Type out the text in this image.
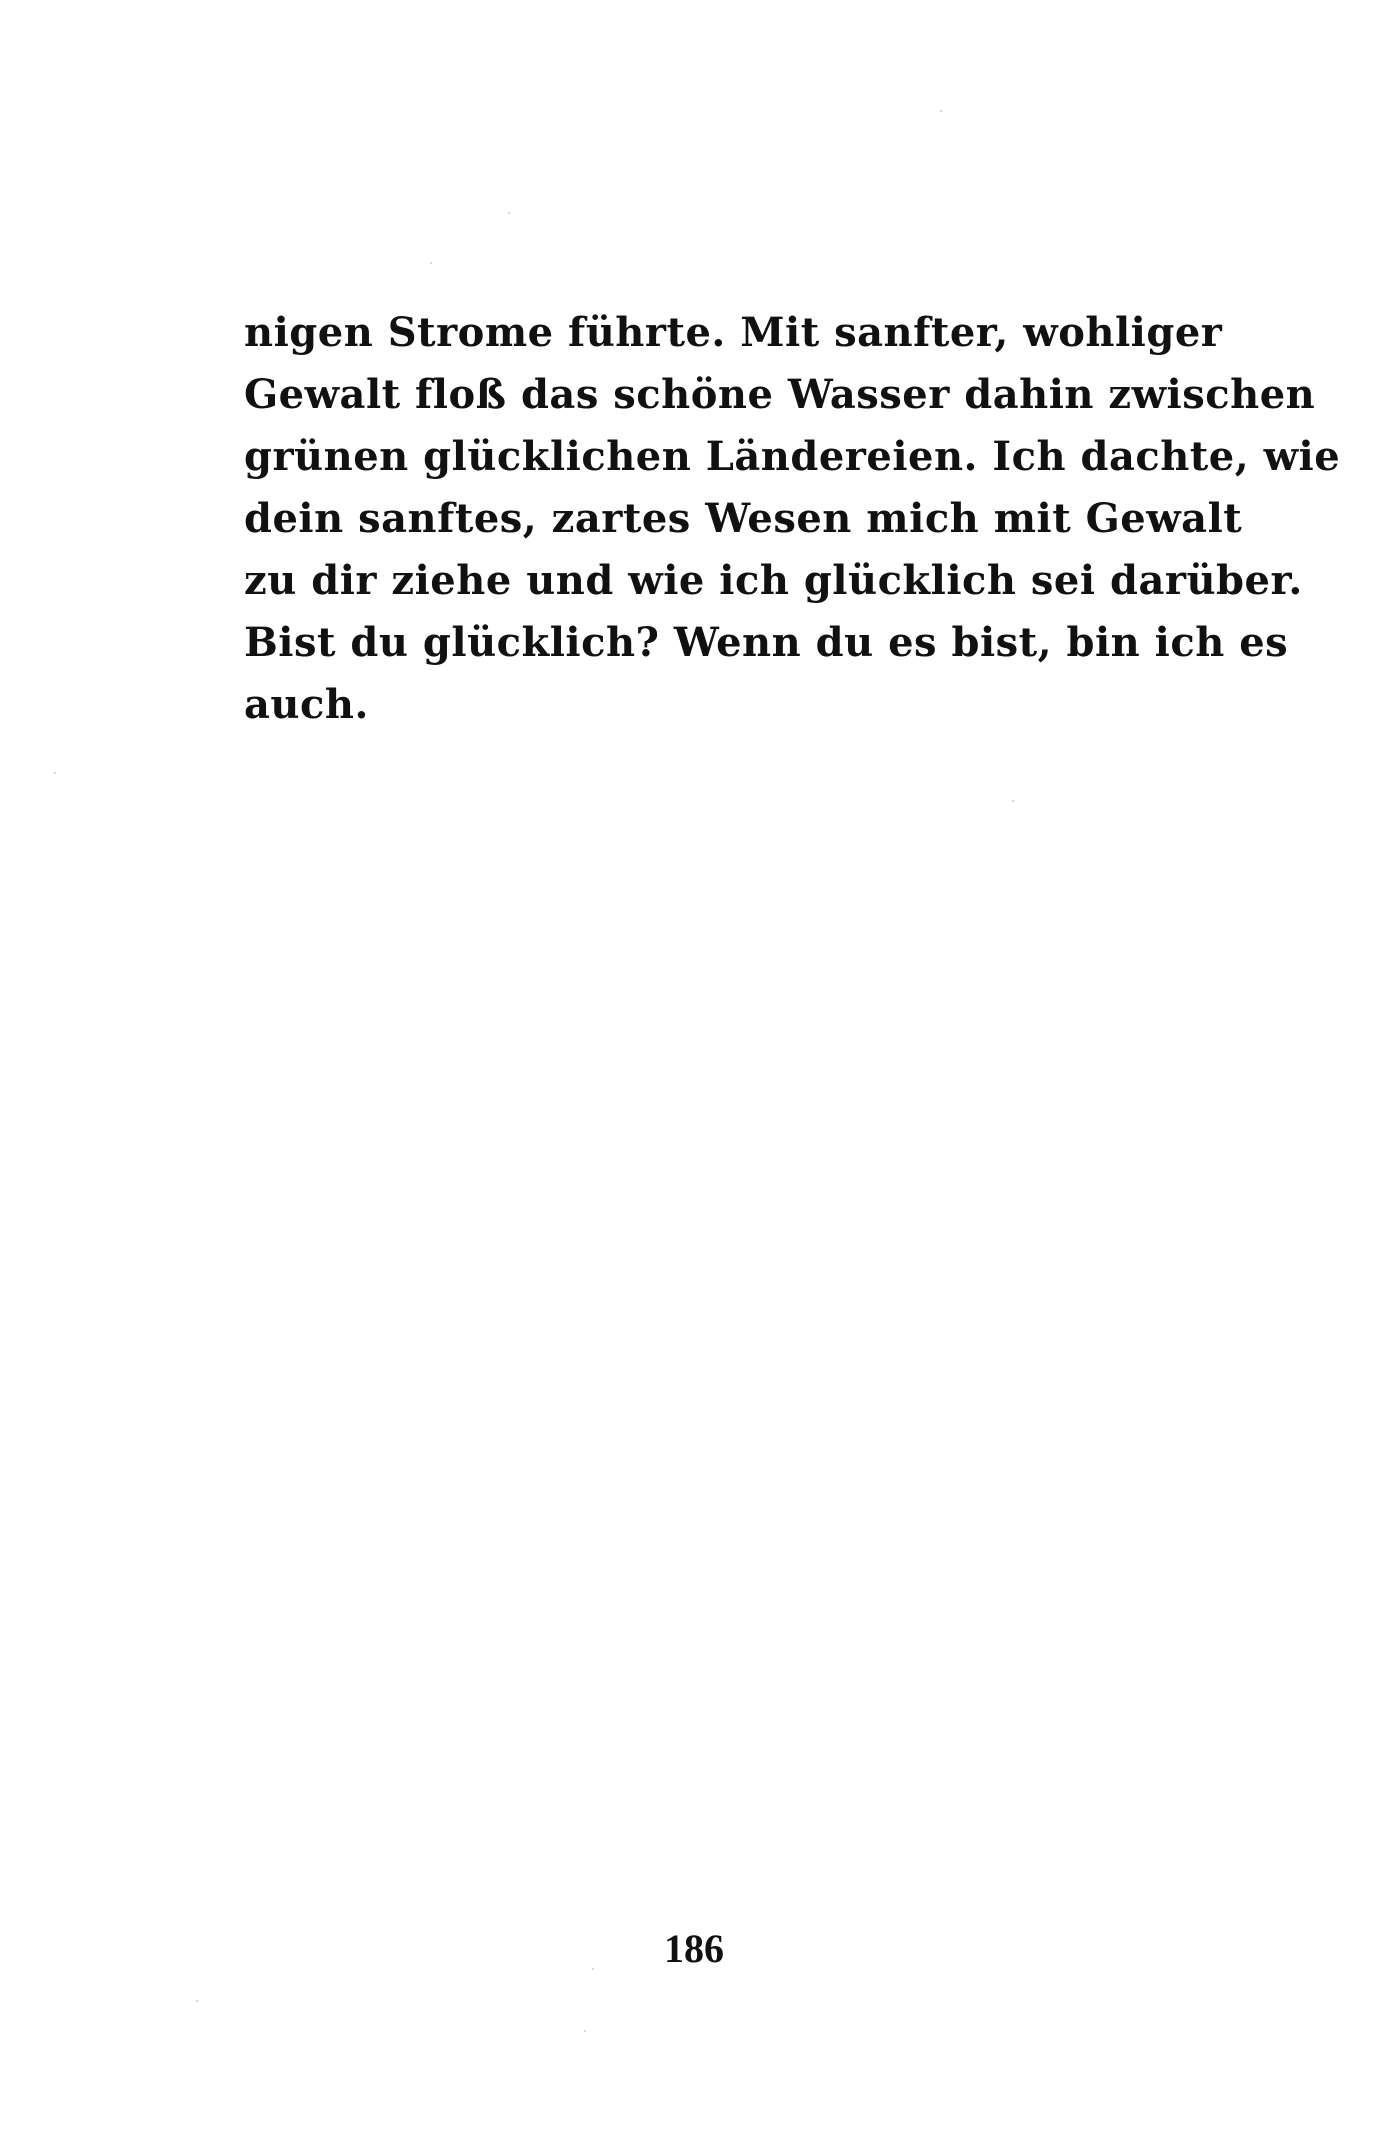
nigen Strome führte. Mit sanfter, wohliger
Gewalt floß das schöne Wasser dahin zwischen
grünen glücklichen Ländereien. Ich dachte, wie
dein sanftes, zartes Wesen mich mit Gewalt
zu dir ziehe und wie ich glücklich sei darüber.
Bist du glücklich? Wenn du es bist, bin ich es
auch.
186
